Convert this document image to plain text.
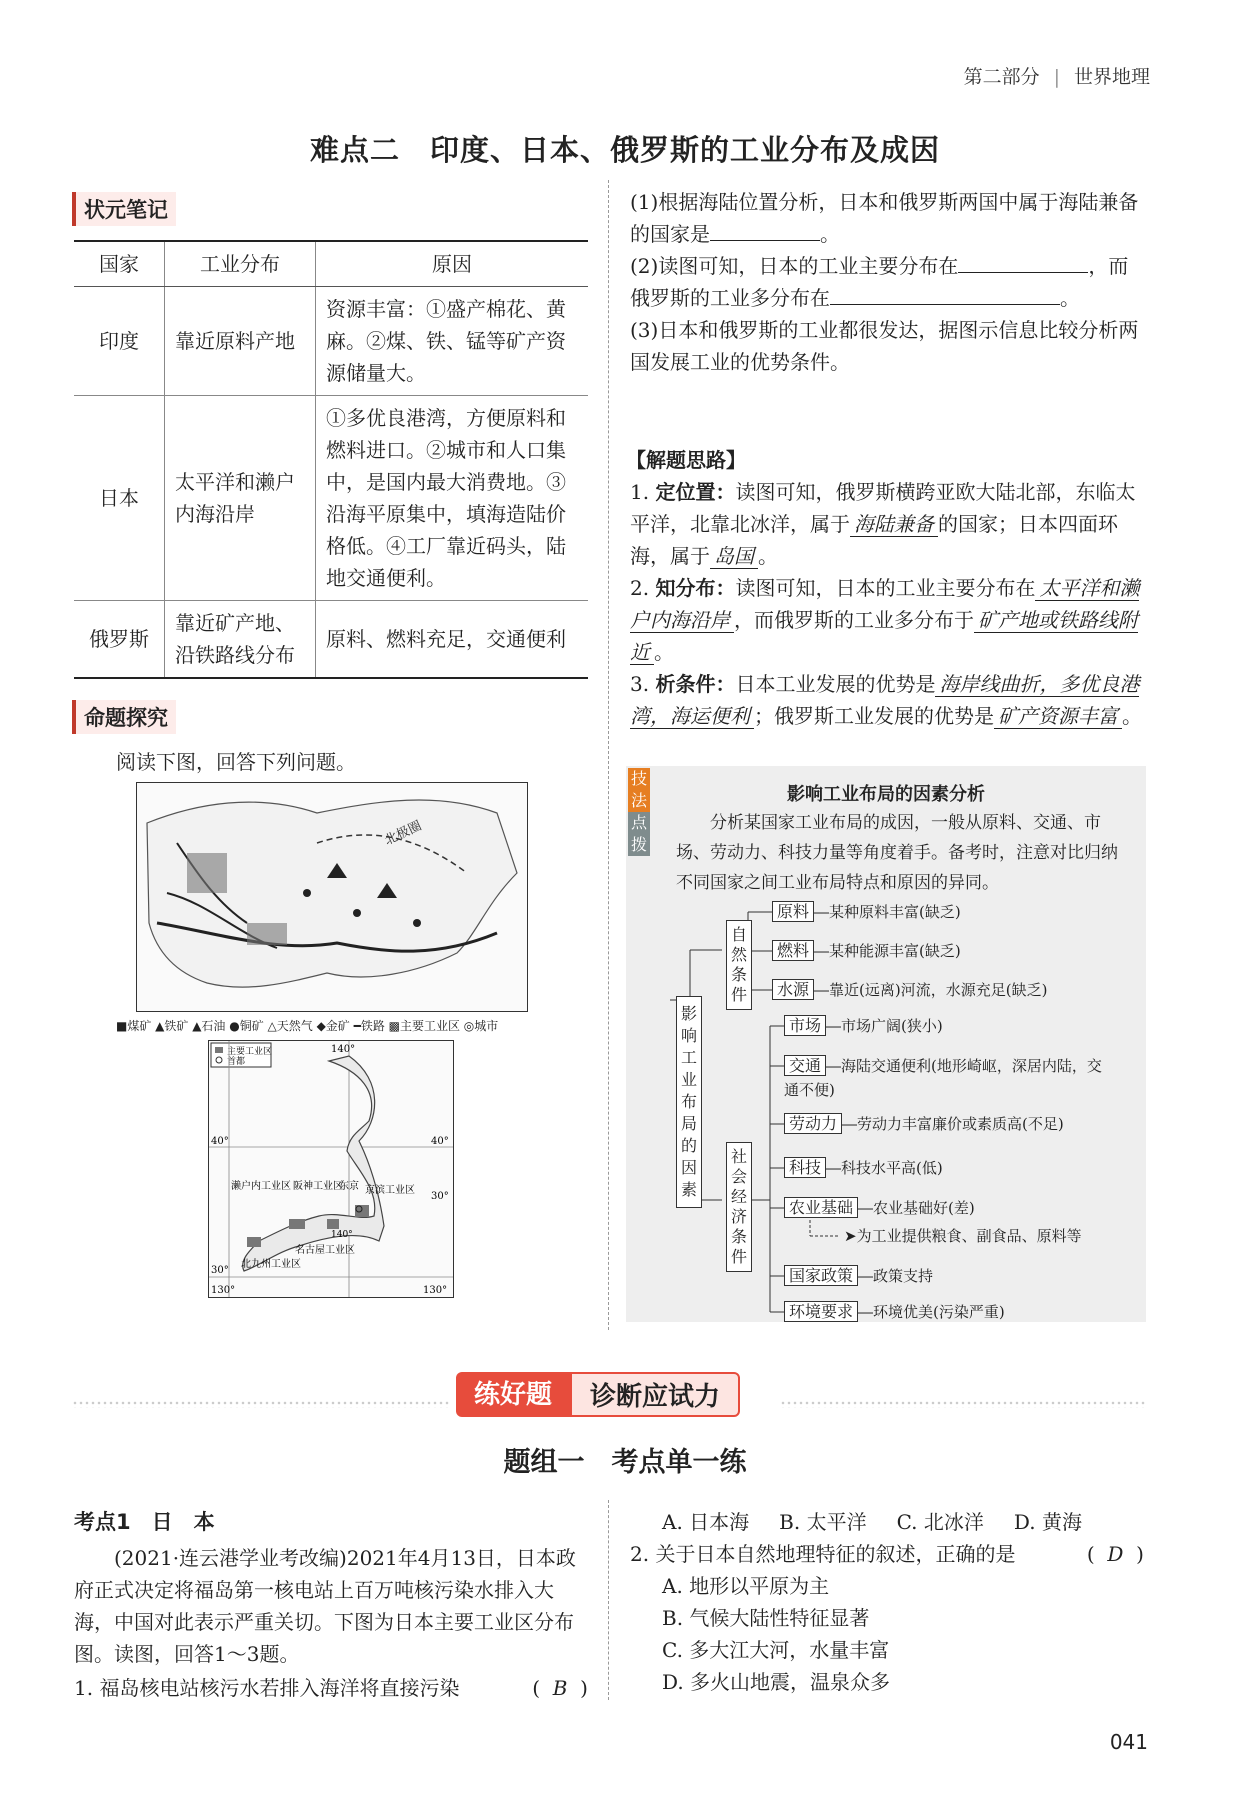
第二部分 | 世界地理
难点二　印度、日本、俄罗斯的工业分布及成因
状元笔记
国家	工业分布	原因
印度	靠近原料产地	资源丰富：①盛产棉花、黄麻。②煤、铁、锰等矿产资源储量大。
日本	太平洋和濑户内海沿岸	①多优良港湾，方便原料和燃料进口。②城市和人口集中，是国内最大消费地。③沿海平原集中，填海造陆价格低。④工厂靠近码头，陆地交通便利。
俄罗斯	靠近矿产地、沿铁路线分布	原料、燃料充足，交通便利
命题探究
阅读下图，回答下列问题。
北极圈
■煤矿 ▲铁矿 ▲石油 ●铜矿 △天然气 ◆金矿 ━铁路 ▩主要工业区 ◎城市
主要工业区
首都
40°	40°
140°
140°
30°
30°
130°	130°
濑户内工业区 阪神工业区
东京 京滨工业区
名古屋工业区
北九州工业区
(1)根据海陆位置分析，日本和俄罗斯两国中属于海陆兼备的国家是	。
(2)读图可知，日本的工业主要分布在	，而俄罗斯的工业多分布在	。
(3)日本和俄罗斯的工业都很发达，据图示信息比较分析两国发展工业的优势条件。
【解题思路】
1. 定位置：读图可知，俄罗斯横跨亚欧大陆北部，东临太平洋，北靠北冰洋，属于 海陆兼备 的国家；日本四面环海，属于 岛国 。
2. 知分布：读图可知，日本的工业主要分布在 太平洋和濑户内海沿岸 ，而俄罗斯的工业多分布于 矿产地或铁路线附近 。
3. 析条件：日本工业发展的优势是 海岸线曲折，多优良港湾，海运便利 ；俄罗斯工业发展的优势是 矿产资源丰富 。
技
法
点
拨
影响工业布局的因素分析
分析某国家工业布局的成因，一般从原料、交通、市场、劳动力、科技力量等角度着手。备考时，注意对比归纳不同国家之间工业布局特点和原因的异同。
影响工业布局的因素
自然条件
社会经济条件
原料 ―某种原料丰富(缺乏)
燃料 ―某种能源丰富(缺乏)
水源 ―靠近(远离)河流，水源充足(缺乏)
市场 ―市场广阔(狭小)
交通 ―海陆交通便利(地形崎岖，深居内陆，交通不便)
劳动力 ―劳动力丰富廉价或素质高(不足)
科技 ―科技水平高(低)
农业基础 ―农业基础好(差)
➤为工业提供粮食、副食品、原料等
国家政策 ―政策支持
环境要求 ―环境优美(污染严重)
练好题	诊断应试力
题组一　考点单一练
考点1　日　本
(2021·连云港学业考改编)2021年4月13日，日本政府正式决定将福岛第一核电站上百万吨核污染水排入大海，中国对此表示严重关切。下图为日本主要工业区分布图。读图，回答1～3题。
1. 福岛核电站核污水若排入海洋将直接污染	(  B  )
A. 日本海 B. 太平洋 C. 北冰洋 D. 黄海
2. 关于日本自然地理特征的叙述，正确的是	(  D  )
A. 地形以平原为主
B. 气候大陆性特征显著
C. 多大江大河，水量丰富
D. 多火山地震，温泉众多
041
